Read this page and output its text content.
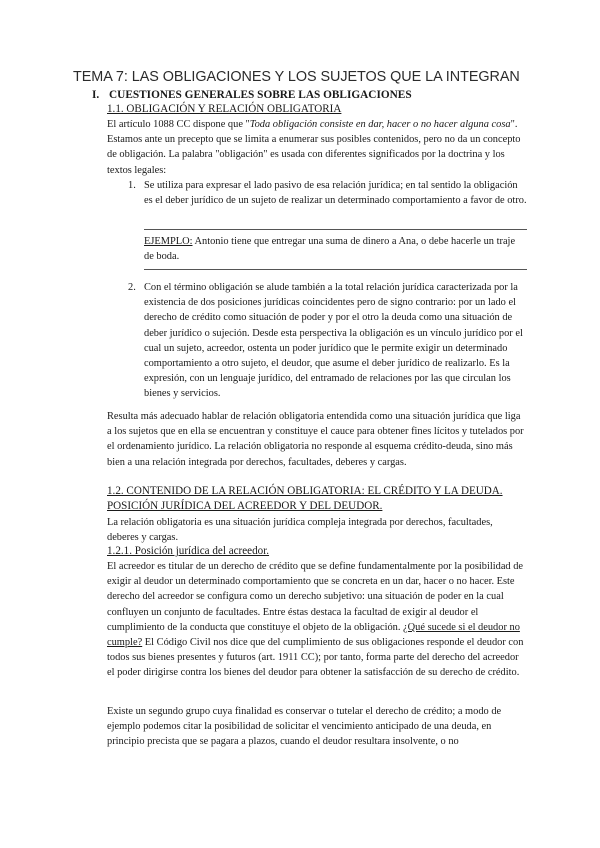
TEMA 7: LAS OBLIGACIONES Y LOS SUJETOS QUE LA INTEGRAN
I. CUESTIONES GENERALES SOBRE LAS OBLIGACIONES
1.1. OBLIGACIÓN Y RELACIÓN OBLIGATORIA
El artículo 1088 CC dispone que "Toda obligación consiste en dar, hacer o no hacer alguna cosa". Estamos ante un precepto que se limita a enumerar sus posibles contenidos, pero no da un concepto de obligación. La palabra "obligación" es usada con diferentes significados por la doctrina y los textos legales:
1. Se utiliza para expresar el lado pasivo de esa relación jurídica; en tal sentido la obligación es el deber jurídico de un sujeto de realizar un determinado comportamiento a favor de otro.
EJEMPLO: Antonio tiene que entregar una suma de dinero a Ana, o debe hacerle un traje de boda.
2. Con el término obligación se alude también a la total relación jurídica caracterizada por la existencia de dos posiciones jurídicas coincidentes pero de signo contrario: por un lado el derecho de crédito como situación de poder y por el otro la deuda como una situación de deber jurídico o sujeción. Desde esta perspectiva la obligación es un vínculo jurídico por el cual un sujeto, acreedor, ostenta un poder jurídico que le permite exigir un determinado comportamiento a otro sujeto, el deudor, que asume el deber jurídico de realizarlo. Es la expresión, con un lenguaje jurídico, del entramado de relaciones por las que circulan los bienes y servicios.
Resulta más adecuado hablar de relación obligatoria entendida como una situación jurídica que liga a los sujetos que en ella se encuentran y constituye el cauce para obtener fines lícitos y tutelados por el ordenamiento jurídico. La relación obligatoria no responde al esquema crédito-deuda, sino más bien a una relación integrada por derechos, facultades, deberes y cargas.
1.2. CONTENIDO DE LA RELACIÓN OBLIGATORIA: EL CRÉDITO Y LA DEUDA.
POSICIÓN JURÍDICA DEL ACREEDOR Y DEL DEUDOR.
La relación obligatoria es una situación jurídica compleja integrada por derechos, facultades, deberes y cargas.
1.2.1. Posición jurídica del acreedor.
El acreedor es titular de un derecho de crédito que se define fundamentalmente por la posibilidad de exigir al deudor un determinado comportamiento que se concreta en un dar, hacer o no hacer. Este derecho del acreedor se configura como un derecho subjetivo: una situación de poder en la cual confluyen un conjunto de facultades. Entre éstas destaca la facultad de exigir al deudor el cumplimiento de la conducta que constituye el objeto de la obligación. ¿Qué sucede si el deudor no cumple? El Código Civil nos dice que del cumplimiento de sus obligaciones responde el deudor con todos sus bienes presentes y futuros (art. 1911 CC); por tanto, forma parte del derecho del acreedor el poder dirigirse contra los bienes del deudor para obtener la satisfacción de su derecho de crédito.
Existe un segundo grupo cuya finalidad es conservar o tutelar el derecho de crédito; a modo de ejemplo podemos citar la posibilidad de solicitar el vencimiento anticipado de una deuda, en principio precista que se pagara a plazos, cuando el deudor resultara insolvente, o no
